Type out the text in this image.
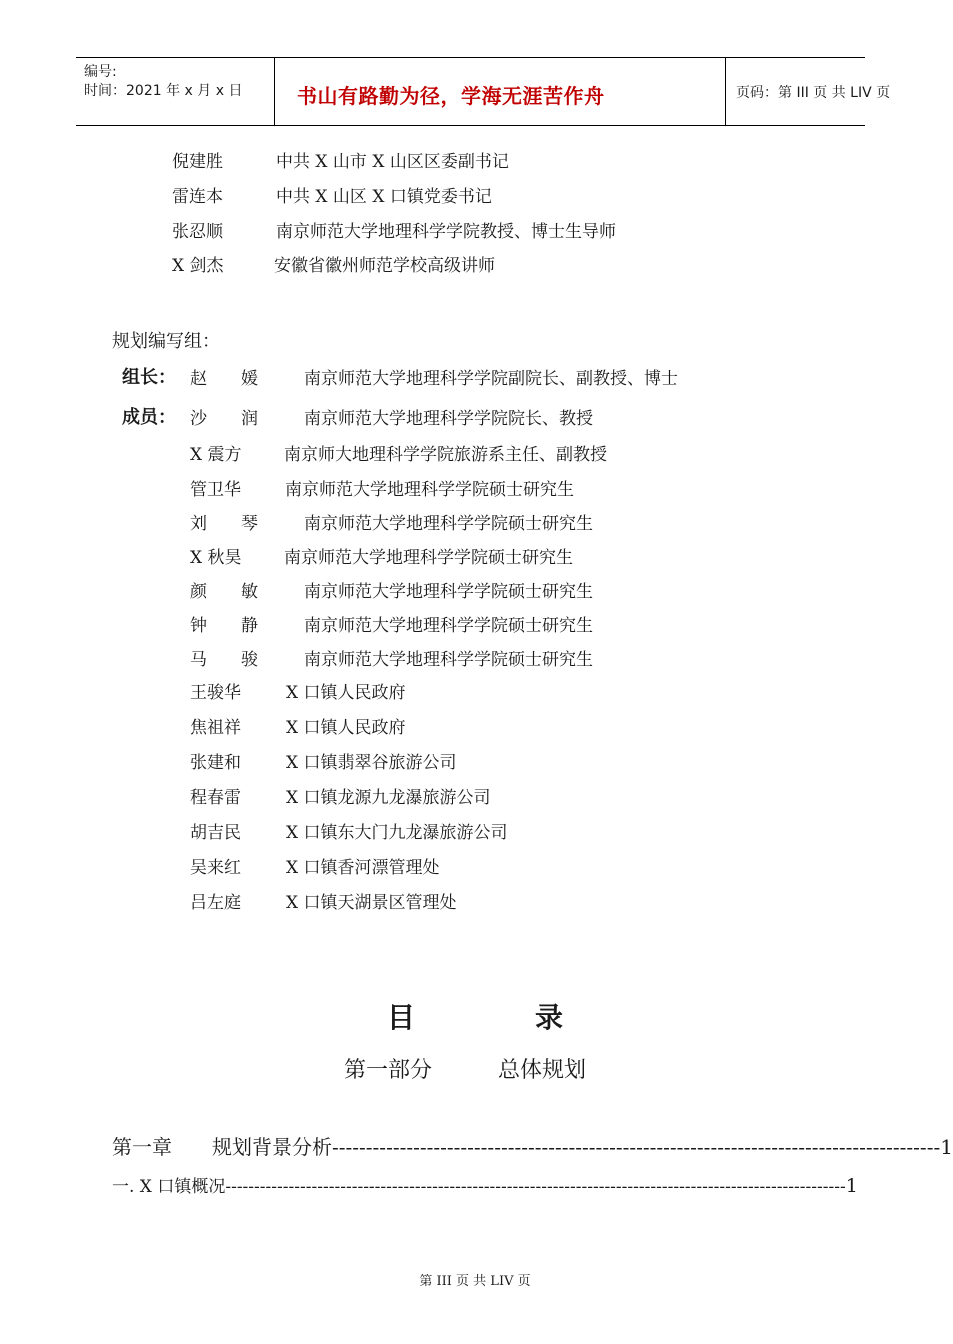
编号:
时间：2021 年 x 月 x 日	书山有路勤为径，学海无涯苦作舟	页码：第 III 页 共 LIV 页
倪建胜	中共 X 山市 X 山区区委副书记
雷连本	中共 X 山区 X 口镇党委书记
张忍顺	南京师范大学地理科学学院教授、博士生导师
X 剑杰	安徽省徽州师范学校高级讲师
规划编写组：
组长： 赵　　媛	南京师范大学地理科学学院副院长、副教授、博士
成员： 沙　　润	南京师范大学地理科学学院院长、教授
X 震方 南京师大地理科学学院旅游系主任、副教授
管卫华	南京师范大学地理科学学院硕士研究生
刘　　琴	南京师范大学地理科学学院硕士研究生
X 秋昊 南京师范大学地理科学学院硕士研究生
颜　　敏	南京师范大学地理科学学院硕士研究生
钟　　静	南京师范大学地理科学学院硕士研究生
马　　骏	南京师范大学地理科学学院硕士研究生
王骏华	X 口镇人民政府
焦祖祥	X 口镇人民政府
张建和	X 口镇翡翠谷旅游公司
程春雷	X 口镇龙源九龙瀑旅游公司
胡吉民	X 口镇东大门九龙瀑旅游公司
吴来红	X 口镇香河漂管理处
吕左庭	X 口镇天湖景区管理处
目录
第一部分	总体规划
第一章　　规划背景分析 ------------------------------------------------------------------------------------------ 1
一. X 口镇概况 ------------------------------------------------------------------------------------------------------------ 1
第 III 页 共 LIV 页
